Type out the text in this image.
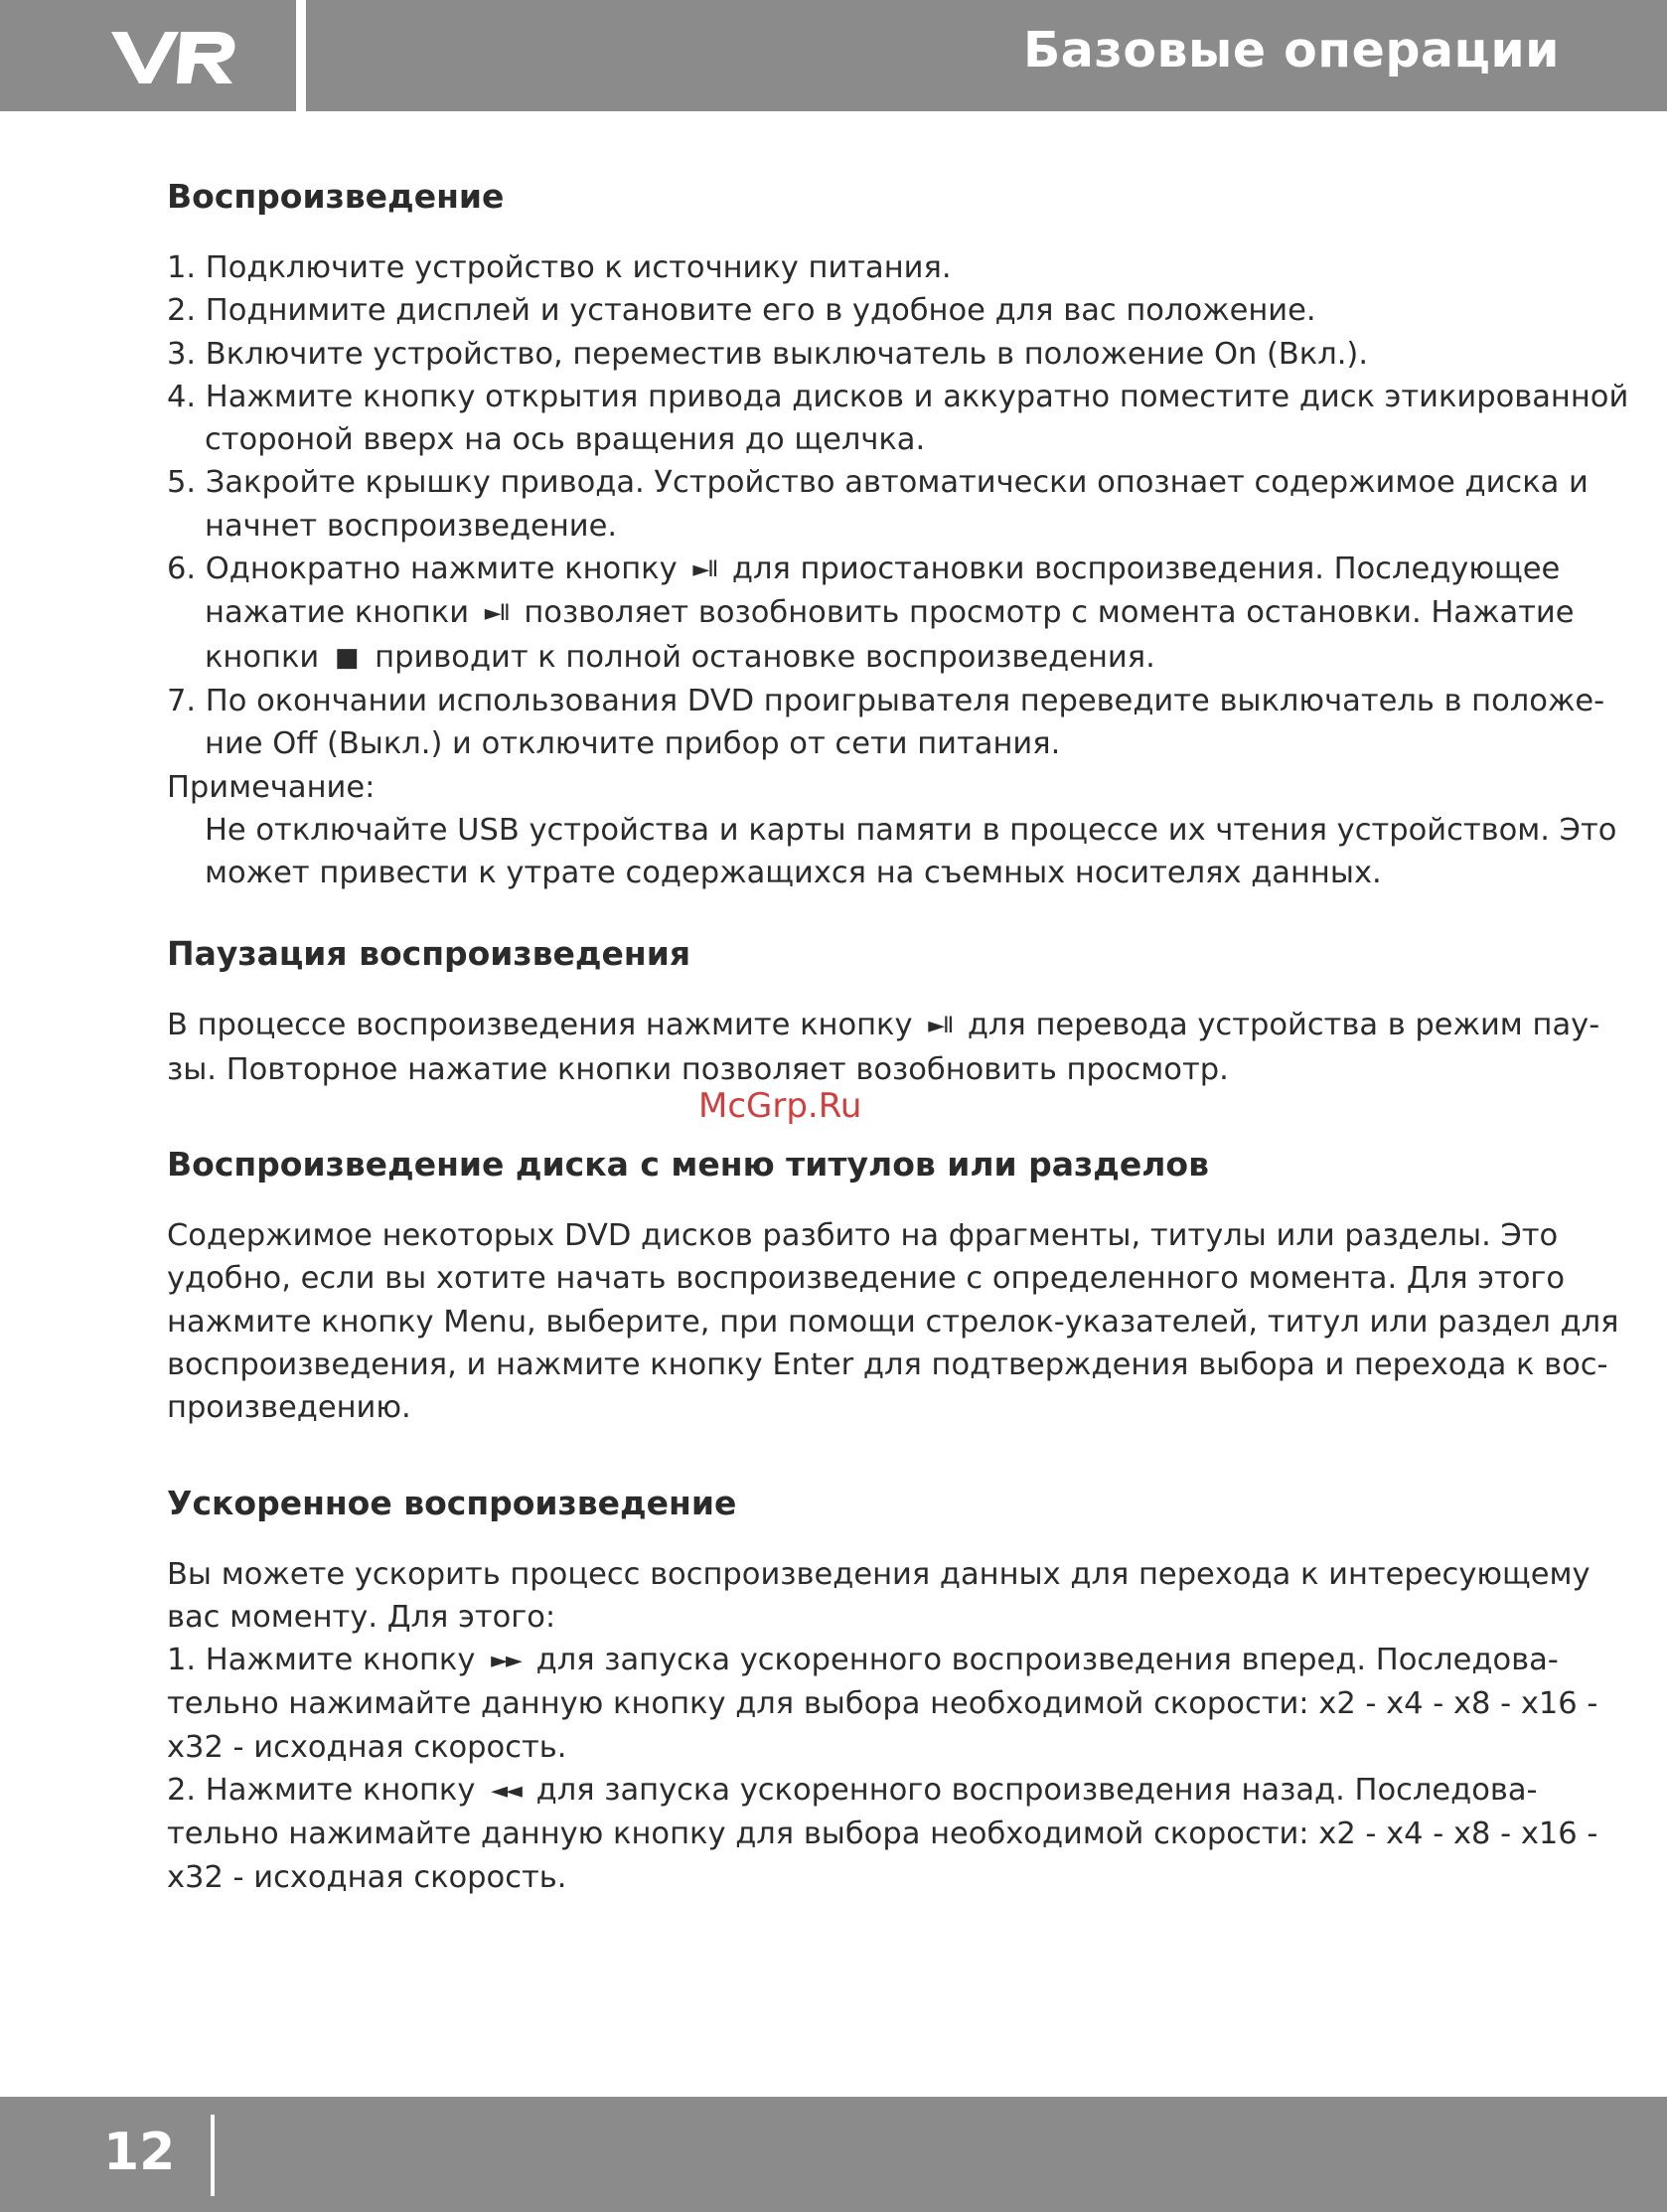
Базовые операции
Воспроизведение

1. Подключите устройство к источнику питания.

2. Поднимите дисплей и установите его в удобное для вас положение.

3. Включите устройство, переместив выключатель в положение On (Вкл.).

4. Нажмите кнопку открытия привода дисков и аккуратно поместите диск этикированной

стороной вверх на ось вращения до щелчка.

5. Закройте крышку привода. Устройство автоматически опознает содержимое диска и

начнет воспроизведение.

6. Однократно нажмите кнопку ►II для приостановки воспроизведения. Последующее

нажатие кнопки ►II позволяет возобновить просмотр с момента остановки. Нажатие

кнопки ■ приводит к полной остановке воспроизведения.

7. По окончании использования DVD проигрывателя переведите выключатель в положе-

ние Off (Выкл.) и отключите прибор от сети питания.

Примечание:

Не отключайте USB устройства и карты памяти в процессе их чтения устройством. Это

может привести к утрате содержащихся на съемных носителях данных.

Паузация воспроизведения

В процессе воспроизведения нажмите кнопку ►II для перевода устройства в режим пау-

зы. Повторное нажатие кнопки позволяет возобновить просмотр.

Воспроизведение диска с меню титулов или разделов

Содержимое некоторых DVD дисков разбито на фрагменты, титулы или разделы. Это

удобно, если вы хотите начать воспроизведение с определенного момента. Для этого

нажмите кнопку Menu, выберите, при помощи стрелок-указателей, титул или раздел для

воспроизведения, и нажмите кнопку Enter для подтверждения выбора и перехода к вос-

произведению.

Ускоренное воспроизведение

Вы можете ускорить процесс воспроизведения данных для перехода к интересующему

вас моменту. Для этого:

1. Нажмите кнопку ►► для запуска ускоренного воспроизведения вперед. Последова-

тельно нажимайте данную кнопку для выбора необходимой скорости: x2 - x4 - x8 - x16 -

x32 - исходная скорость.

2. Нажмите кнопку ◄◄ для запуска ускоренного воспроизведения назад. Последова-

тельно нажимайте данную кнопку для выбора необходимой скорости: x2 - x4 - x8 - x16 -

x32 - исходная скорость.

McGrp.Ru
12
